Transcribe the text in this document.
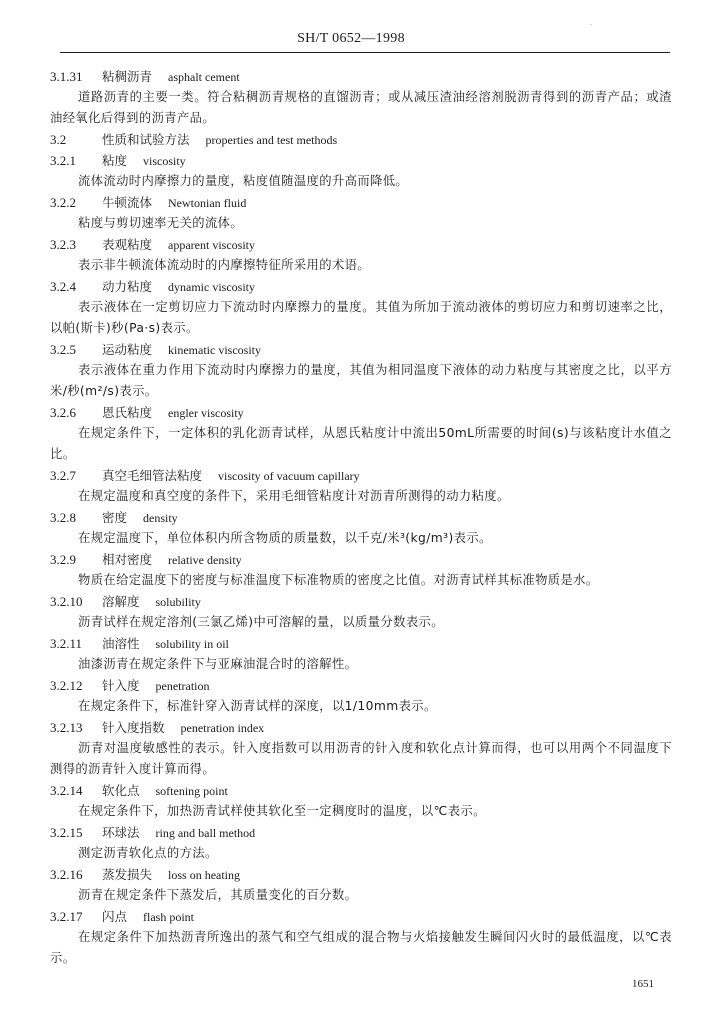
·
SH/T 0652—1998
3.1.31 粘稠沥青 asphalt cement

道路沥青的主要一类。符合粘稠沥青规格的直馏沥青；或从减压渣油经溶剂脱沥青得到的沥青产品；或渣油经氧化后得到的沥青产品。

3.2	性质和试验方法 properties and test methods
3.2.1 粘度 viscosity

流体流动时内摩擦力的量度，粘度值随温度的升高而降低。

3.2.2 牛顿流体 Newtonian fluid

粘度与剪切速率无关的流体。

3.2.3 表观粘度 apparent viscosity

表示非牛顿流体流动时的内摩擦特征所采用的术语。

3.2.4 动力粘度 dynamic viscosity

表示液体在一定剪切应力下流动时内摩擦力的量度。其值为所加于流动液体的剪切应力和剪切速率之比，以帕(斯卡)秒(Pa·s)表示。

3.2.5 运动粘度 kinematic viscosity

表示液体在重力作用下流动时内摩擦力的量度，其值为相同温度下液体的动力粘度与其密度之比，以平方米/秒(m²/s)表示。

3.2.6 恩氏粘度 engler viscosity

在规定条件下，一定体积的乳化沥青试样，从恩氏粘度计中流出50mL所需要的时间(s)与该粘度计水值之比。

3.2.7 真空毛细管法粘度 viscosity of vacuum capillary

在规定温度和真空度的条件下，采用毛细管粘度计对沥青所测得的动力粘度。

3.2.8 密度 density

在规定温度下，单位体积内所含物质的质量数，以千克/米³(kg/m³)表示。

3.2.9 相对密度 relative density

物质在给定温度下的密度与标准温度下标准物质的密度之比值。对沥青试样其标准物质是水。

3.2.10 溶解度 solubility

沥青试样在规定溶剂(三氯乙烯)中可溶解的量，以质量分数表示。

3.2.11 油溶性 solubility in oil

油漆沥青在规定条件下与亚麻油混合时的溶解性。

3.2.12 针入度 penetration

在规定条件下，标准针穿入沥青试样的深度，以1/10mm表示。

3.2.13 针入度指数 penetration index

沥青对温度敏感性的表示。针入度指数可以用沥青的针入度和软化点计算而得，也可以用两个不同温度下测得的沥青针入度计算而得。

3.2.14 软化点 softening point

在规定条件下，加热沥青试样使其软化至一定稠度时的温度，以℃表示。

3.2.15 环球法 ring and ball method

测定沥青软化点的方法。

3.2.16 蒸发损失 loss on heating

沥青在规定条件下蒸发后，其质量变化的百分数。

3.2.17 闪点 flash point

在规定条件下加热沥青所逸出的蒸气和空气组成的混合物与火焰接触发生瞬间闪火时的最低温度，以℃表示。

1651
